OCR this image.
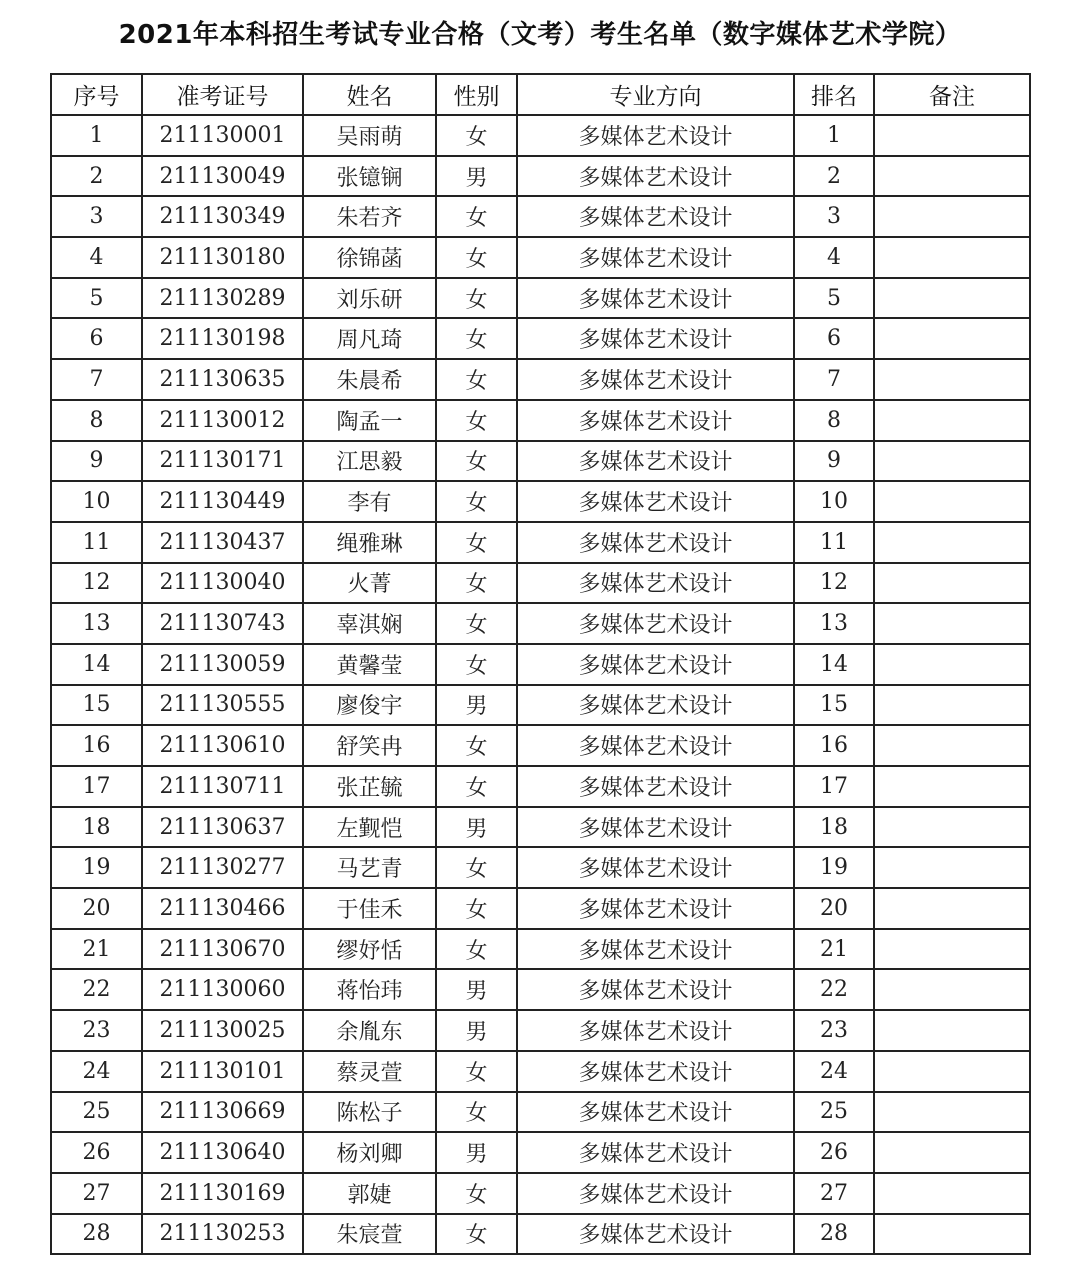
2021年本科招生考试专业合格（文考）考生名单（数字媒体艺术学院）
序号	准考证号	姓名	性别	专业方向	排名	备注
1	211130001	吴雨萌	女	多媒体艺术设计	1	
2	211130049	张镱锎	男	多媒体艺术设计	2	
3	211130349	朱若齐	女	多媒体艺术设计	3	
4	211130180	徐锦菡	女	多媒体艺术设计	4	
5	211130289	刘乐研	女	多媒体艺术设计	5	
6	211130198	周凡琦	女	多媒体艺术设计	6	
7	211130635	朱晨希	女	多媒体艺术设计	7	
8	211130012	陶孟一	女	多媒体艺术设计	8	
9	211130171	江思毅	女	多媒体艺术设计	9	
10	211130449	李有	女	多媒体艺术设计	10	
11	211130437	绳雅琳	女	多媒体艺术设计	11	
12	211130040	火菁	女	多媒体艺术设计	12	
13	211130743	辜淇娴	女	多媒体艺术设计	13	
14	211130059	黄馨莹	女	多媒体艺术设计	14	
15	211130555	廖俊宇	男	多媒体艺术设计	15	
16	211130610	舒笑冉	女	多媒体艺术设计	16	
17	211130711	张芷毓	女	多媒体艺术设计	17	
18	211130637	左觐恺	男	多媒体艺术设计	18	
19	211130277	马艺青	女	多媒体艺术设计	19	
20	211130466	于佳禾	女	多媒体艺术设计	20	
21	211130670	缪妤恬	女	多媒体艺术设计	21	
22	211130060	蒋怡玮	男	多媒体艺术设计	22	
23	211130025	余胤东	男	多媒体艺术设计	23	
24	211130101	蔡灵萱	女	多媒体艺术设计	24	
25	211130669	陈松子	女	多媒体艺术设计	25	
26	211130640	杨刘卿	男	多媒体艺术设计	26	
27	211130169	郭婕	女	多媒体艺术设计	27	
28	211130253	朱宸萱	女	多媒体艺术设计	28	
